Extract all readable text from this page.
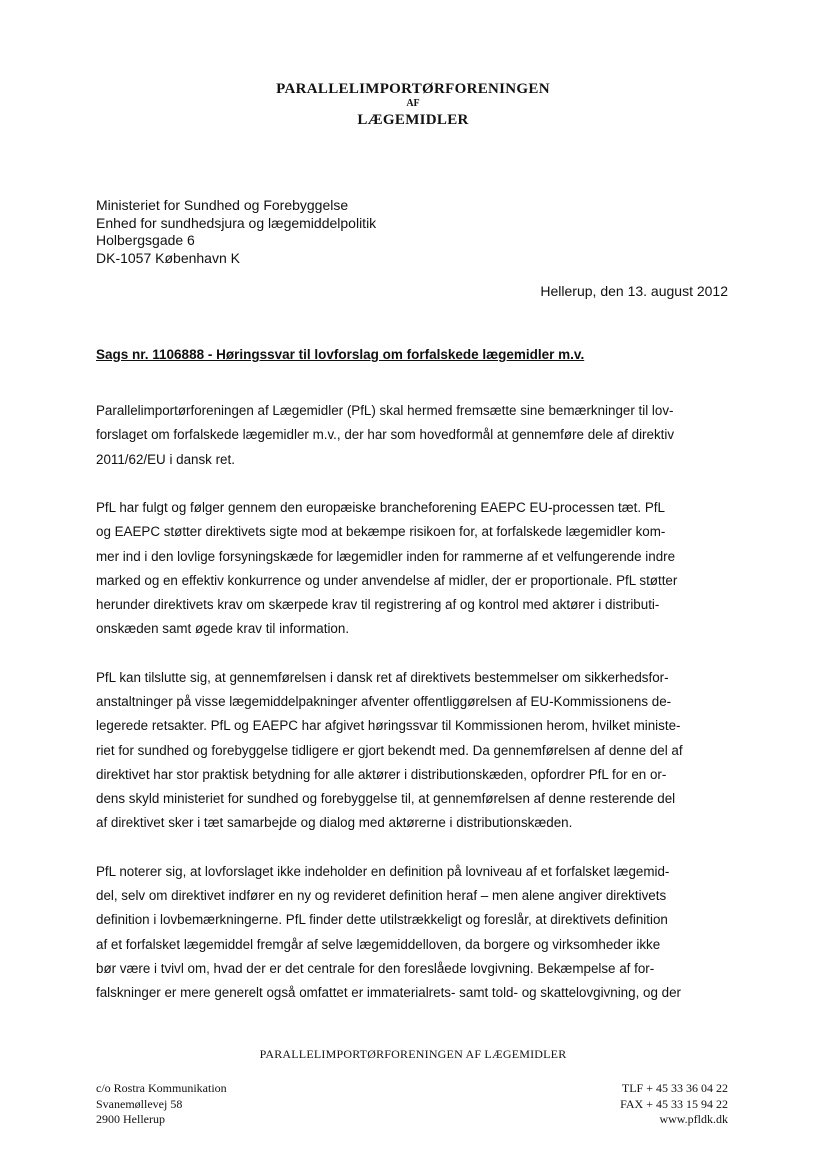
PARALLELIMPORTØRFORENINGEN
AF
LÆGEMIDLER
Ministeriet for Sundhed og Forebyggelse
Enhed for sundhedsjura og lægemiddelpolitik
Holbergsgade 6
DK-1057 København K
Hellerup, den 13. august 2012
Sags nr. 1106888 - Høringssvar til lovforslag om forfalskede lægemidler m.v.
Parallelimportørforeningen af Lægemidler (PfL) skal hermed fremsætte sine bemærkninger til lov-
forslaget om forfalskede lægemidler m.v., der har som hovedformål at gennemføre dele af direktiv
2011/62/EU i dansk ret.
PfL har fulgt og følger gennem den europæiske brancheforening EAEPC EU-processen tæt. PfL
og EAEPC støtter direktivets sigte mod at bekæmpe risikoen for, at forfalskede lægemidler kom-
mer ind i den lovlige forsyningskæde for lægemidler inden for rammerne af et velfungerende indre
marked og en effektiv konkurrence og under anvendelse af midler, der er proportionale. PfL støtter
herunder direktivets krav om skærpede krav til registrering af og kontrol med aktører i distributi-
onskæden samt øgede krav til information.
PfL kan tilslutte sig, at gennemførelsen i dansk ret af direktivets bestemmelser om sikkerhedsfor-
anstaltninger på visse lægemiddelpakninger afventer offentliggørelsen af EU-Kommissionens de-
legerede retsakter. PfL og EAEPC har afgivet høringssvar til Kommissionen herom, hvilket ministe-
riet for sundhed og forebyggelse tidligere er gjort bekendt med. Da gennemførelsen af denne del af
direktivet har stor praktisk betydning for alle aktører i distributionskæden, opfordrer PfL for en or-
dens skyld ministeriet for sundhed og forebyggelse til, at gennemførelsen af denne resterende del
af direktivet sker i tæt samarbejde og dialog med aktørerne i distributionskæden.
PfL noterer sig, at lovforslaget ikke indeholder en definition på lovniveau af et forfalsket lægemid-
del, selv om direktivet indfører en ny og revideret definition heraf – men alene angiver direktivets
definition i lovbemærkningerne. PfL finder dette utilstrækkeligt og foreslår, at direktivets definition
af et forfalsket lægemiddel fremgår af selve lægemiddelloven, da borgere og virksomheder ikke
bør være i tvivl om, hvad der er det centrale for den foreslåede lovgivning. Bekæmpelse af for-
falskninger er mere generelt også omfattet er immaterialrets- samt told- og skattelovgivning, og der
PARALLELIMPORTØRFORENINGEN AF LÆGEMIDLER
c/o Rostra Kommunikation
Svanemøllevej 58
2900 Hellerup
TLF + 45 33 36 04 22
FAX + 45 33 15 94 22
www.pfldk.dk
